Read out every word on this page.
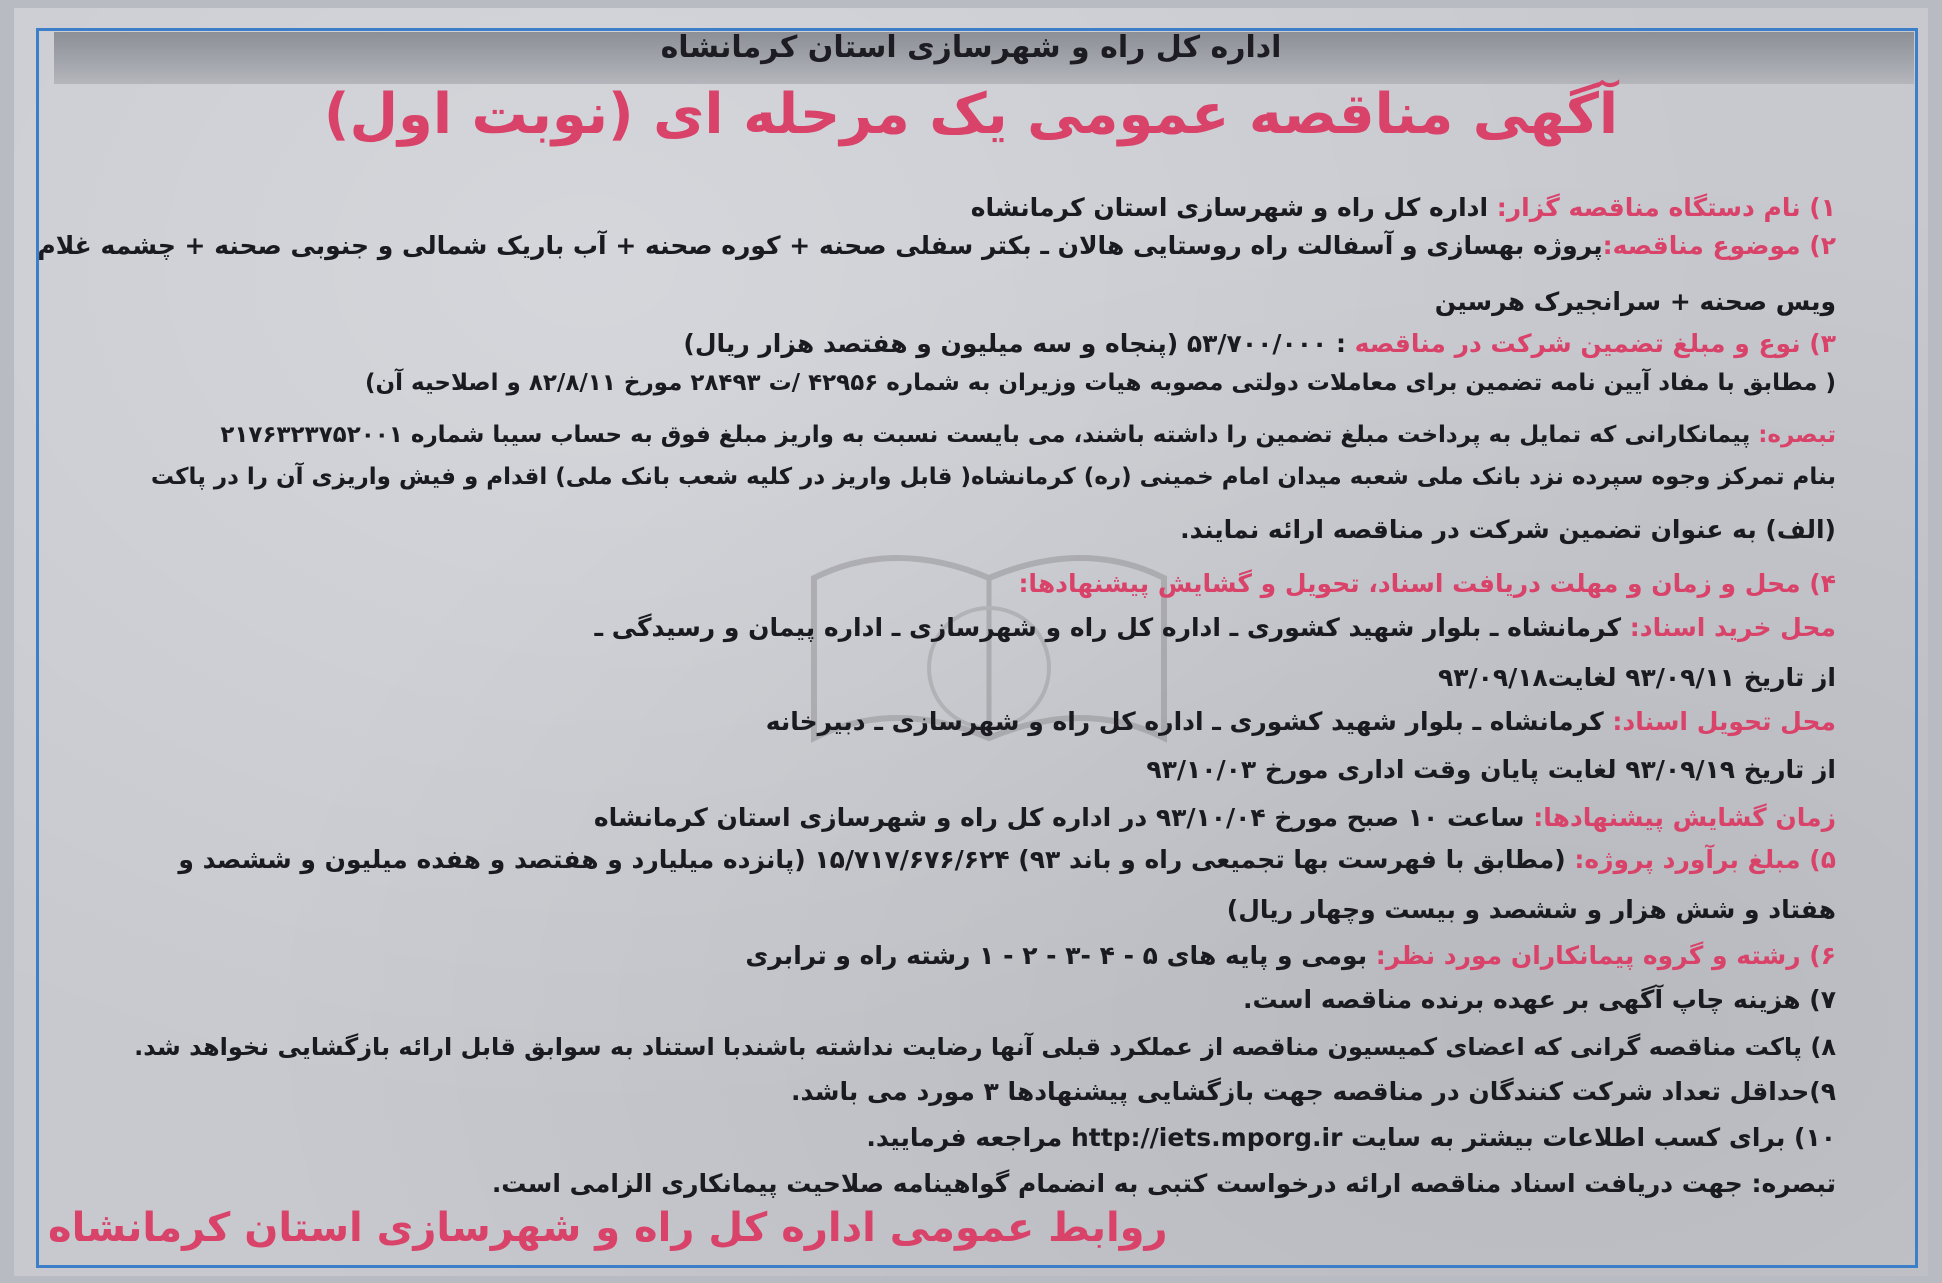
اداره کل راه و شهرسازی استان کرمانشاه
آگهی مناقصه عمومی یک مرحله ای (نوبت اول)
۱) نام دستگاه مناقصه گزار: اداره کل راه و شهرسازی استان کرمانشاه
۲) موضوع مناقصه:پروژه بهسازی و آسفالت راه روستایی هالان ـ بکتر سفلی صحنه + کوره صحنه + آب باریک شمالی و جنوبی صحنه + چشمه غلام
ویس صحنه + سرانجیرک هرسین
۳) نوع و مبلغ تضمین شرکت در مناقصه : ۵۳/۷۰۰/۰۰۰ (پنجاه و سه میلیون و هفتصد هزار ریال)
( مطابق با مفاد آیین نامه تضمین برای معاملات دولتی مصوبه هیات وزیران به شماره ۴۲۹۵۶ /ت ۲۸۴۹۳ مورخ ۸۲/۸/۱۱ و اصلاحیه آن)
تبصره: پیمانکارانی که تمایل به پرداخت مبلغ تضمین را داشته باشند، می بایست نسبت به واریز مبلغ فوق به حساب سیبا شماره ۲۱۷۶۳۲۳۷۵۲۰۰۱
بنام تمرکز وجوه سپرده نزد بانک ملی شعبه میدان امام خمینی (ره) کرمانشاه( قابل واریز در کلیه شعب بانک ملی) اقدام و فیش واریزی آن را در پاکت
(الف) به عنوان تضمین شرکت در مناقصه ارائه نمایند.
۴) محل و زمان و مهلت دریافت اسناد، تحویل و گشایش پیشنهادها:
محل خرید اسناد: کرمانشاه ـ بلوار شهید کشوری ـ اداره کل راه و شهرسازی ـ اداره پیمان و رسیدگی ـ
از تاریخ ۹۳/۰۹/۱۱ لغایت۹۳/۰۹/۱۸
محل تحویل اسناد: کرمانشاه ـ بلوار شهید کشوری ـ اداره کل راه و شهرسازی ـ دبیرخانه
از تاریخ ۹۳/۰۹/۱۹ لغایت پایان وقت اداری مورخ ۹۳/۱۰/۰۳
زمان گشایش پیشنهادها: ساعت ۱۰ صبح مورخ ۹۳/۱۰/۰۴ در اداره کل راه و شهرسازی استان کرمانشاه
۵) مبلغ برآورد پروژه: (مطابق با فهرست بها تجمیعی راه و باند ۹۳) ۱۵/۷۱۷/۶۷۶/۶۲۴ (پانزده میلیارد و هفتصد و هفده میلیون و ششصد و
هفتاد و شش هزار و ششصد و بیست وچهار ریال)
۶) رشته و گروه پیمانکاران مورد نظر: بومی و پایه های ۵ - ۴ -۳ - ۲ - ۱ رشته راه و ترابری
۷) هزینه چاپ آگهی بر عهده برنده مناقصه است.
۸) پاکت مناقصه گرانی که اعضای کمیسیون مناقصه از عملکرد قبلی آنها رضایت نداشته باشندبا استناد به سوابق قابل ارائه بازگشایی نخواهد شد.
۹)حداقل تعداد شرکت کنندگان در مناقصه جهت بازگشایی پیشنهادها ۳ مورد می باشد.
۱۰) برای کسب اطلاعات بیشتر به سایت http://iets.mporg.ir مراجعه فرمایید.
تبصره: جهت دریافت اسناد مناقصه ارائه درخواست کتبی به انضمام گواهینامه صلاحیت پیمانکاری الزامی است.
روابط عمومی اداره کل راه و شهرسازی استان کرمانشاه
